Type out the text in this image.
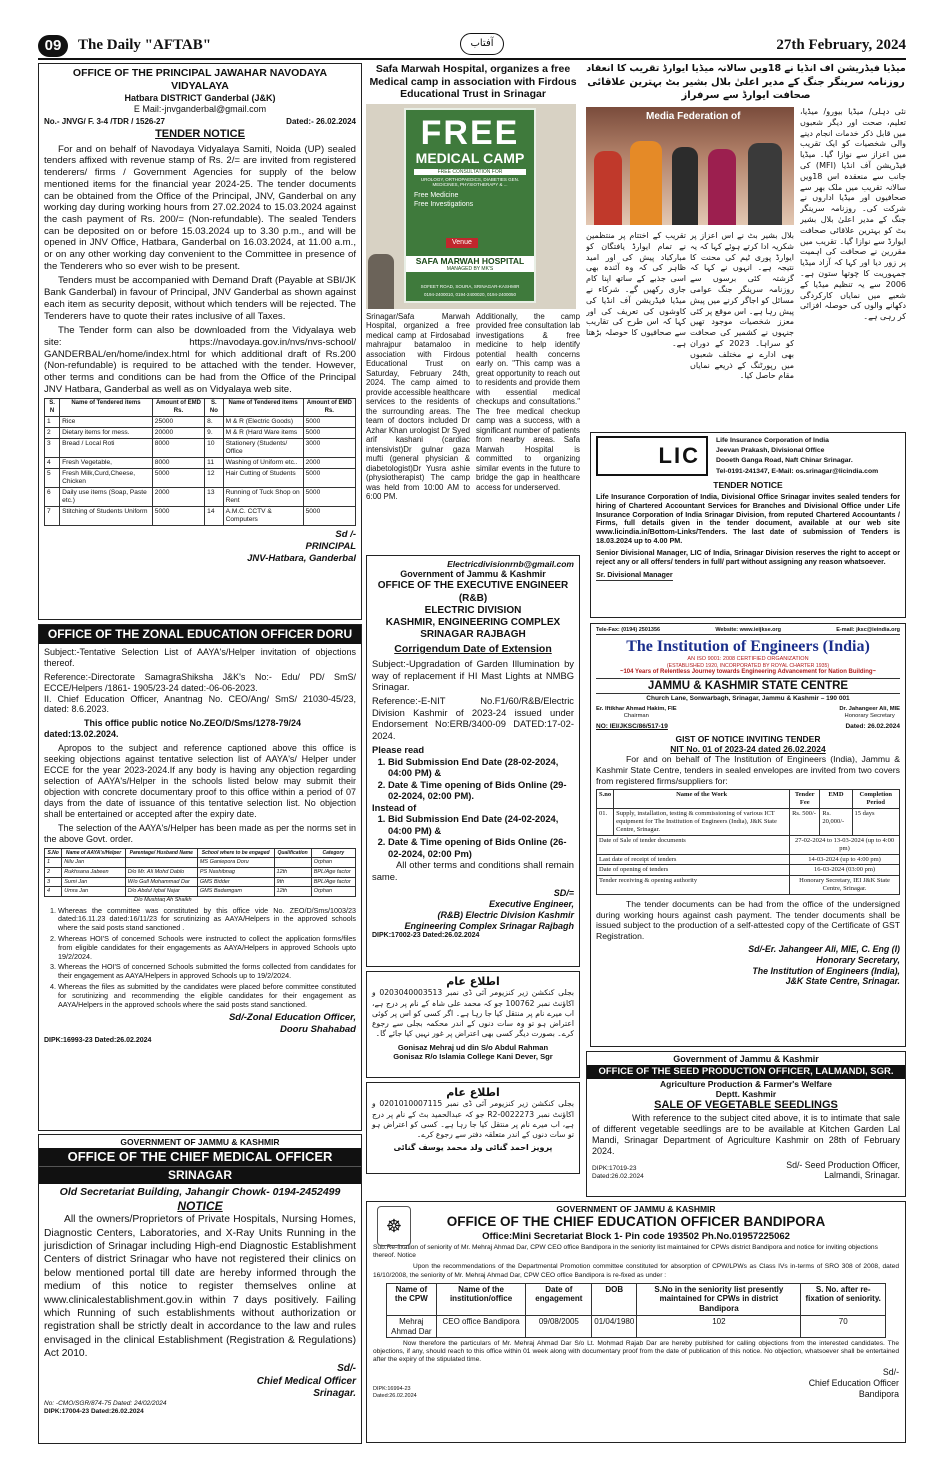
09	The Daily "AFTAB"	آفتاب	27th February, 2024
OFFICE OF THE PRINCIPAL JAWAHAR NAVODAYA VIDYALAYA
Hatbara DISTRICT Ganderbal (J&K)
E Mail:-jnvganderbal@gmail.com
No.- JNVG/ F. 3-4 /TDR / 1526-27	Dated:- 26.02.2024
TENDER NOTICE

For and on behalf of Navodaya Vidyalaya Samiti, Noida (UP) sealed tenders affixed with revenue stamp of Rs. 2/= are invited from registered tenderers/ firms / Government Agencies for supply of the below mentioned items for the financial year 2024-25. The tender documents can be obtained from the Office of the Principal, JNV, Ganderbal on any working day during working hours from 27.02.2024 to 15.03.2024 against the cash payment of Rs. 200/= (Non-refundable). The sealed Tenders can be deposited on or before 15.03.2024 up to 3.30 p.m., and will be opened in JNV Office, Hatbara, Ganderbal on 16.03.2024, at 11.00 a.m., or on any other working day convenient to the Committee in presence of the Tenderers who so ever wish to be present.

Tenders must be accompanied with Demand Draft (Payable at SBI/JK Bank Ganderbal) in favour of Principal, JNV Ganderbal as shown against each item as security deposit, without which tenders will be rejected. The Tenderers have to quote their rates inclusive of all Taxes.

The Tender form can also be downloaded from the Vidyalaya web site: https://navodaya.gov.in/nvs/nvs-school/ GANDERBAL/en/home/index.html for which additional draft of Rs.200 (Non-refundable) is required to be attached with the tender. However, other terms and conditions can be had from the Office of the Principal JNV Hatbara, Ganderbal as well as on Vidyalaya web site.

S. N	Name of Tendered items	Amount of EMD Rs.	S. No	Name of Tendered items	Amount of EMD Rs.
1	Rice	25000	8.	M & R (Electric Goods)	5000
2	Dietary items for mess.	20000	9.	M & R (Hard Ware items	5000
3	Bread / Local Roti	8000	10	Stationery (Students/ Office	3000
4	Fresh Vegetable,	8000	11	Washing of Uniform etc..	2000
5	Fresh Milk,Curd,Cheese, Chicken	5000	12	Hair Cutting of Students	5000
6	Daily use items (Soap, Paste etc.)	2000	13	Running of Tuck Shop on Rent	5000
7	Stitching of Students Uniform	5000	14	A.M.C. CCTV & Computers	5000
Sd /-
PRINCIPAL
JNV-Hatbara, Ganderbal
OFFICE OF THE ZONAL EDUCATION OFFICER DORU

Subject:-Tentative Selection List of AAYA's/Helper invitation of objections thereof.

Reference:-Directorate SamagraShiksha J&K's No:- Edu/ PD/ SmS/ ECCE/Helpers /1861- 1905/23-24 dated:-06-06-2023.

II. Chief Education Officer, Anantnag No. CEO/Ang/ SmS/ 21030-45/23, dated: 8.6.2023.

This office public notice No.ZEO/D/Sms/1278-79/24 dated:13.02.2024.

Apropos to the subject and reference captioned above this office is seeking objections against tentative selection list of AAYA's/ Helper under ECCE for the year 2023-2024.If any body is having any objection regarding selection of AAYA's/Helper in the schools listed below may submit their objection with concrete documentary proof to this office within a period of 07 days from the date of issuance of this tentative selection list. No objection shall be entertained or accepted after the expiry date.

The selection of the AAYA's/Helper has been made as per the norms set in the above Govt. order.

S.No	Name of AAYA's/Helper	Parentage/ Husband Name	School where to be engaged	Qualification	Category
1	Nilu Jan		MS Ganiepora Doru		Orphan
2	Rukhsana Jabeen	D/o Mr. Ali Mohd Dablo	PS Nashibnag	12th	BPL/Age factor
3	Sumi Jan	W/o Gull Mohammad Dar	GMS Bidder	9th	BPL/Age factor
4	Umra Jan	D/o Abdul Iqbal Najar	GMS Badamgam	12th	Orphan
D/o Mushtaq Ah Shaikh
1. Whereas the committee was constituted by this office vide No. ZEO/D/Sms/1003/23 dated:16.11.23 dated:16/11/23 for scrutinizing as AAYA/Helpers in the approved schools where the said posts stand sanctioned .
2. Whereas HOI'S of concerned Schools were instructed to collect the application forms/files from eligible candidates for their engagements as AAYA/Helpers in approved Schools upto 19/2/2024.
3. Whereas the HOI'S of concerned Schools submitted the forms collected from candidates for their engagement as AAYA/Helpers in approved Schools up to 19/2/2024.
4. Whereas the files as submitted by the candidates were placed before committee constituted for scrutinizing and recommending the eligible candidates for their engagement as AAYA/Helpers in the approved schools where the said posts stand sanctioned.
Sd/-Zonal Education Officer,
Dooru Shahabad
DIPK:16993-23 Dated:26.02.2024
GOVERNMENT OF JAMMU & KASHMIR
OFFICE OF THE CHIEF MEDICAL OFFICER
SRINAGAR
Old Secretariat Building, Jahangir Chowk- 0194-2452499
NOTICE

All the owners/Proprietors of Private Hospitals, Nursing Homes, Diagnostic Centers, Laboratories, and X-Ray Units Running in the jurisdiction of Srinagar including High-end Diagnostic Establishment Centers of district Srinagar who have not registered their clinics on below mentioned portal till date are hereby informed through the medium of this notice to register themselves online at www.clinicalestablishment.gov.in within 7 days positively. Failing which Running of such establishments without authorization or registration shall be strictly dealt in accordance to the law and rules envisaged in the clinical Establishment (Registration & Regulations) Act 2010.

Sd/-
Chief Medical Officer
Srinagar.
No: -CMO/SGR/874-75 Dated: 24/02/2024
DIPK:17004-23 Dated:26.02.2024
Safa Marwah Hospital, organizes a free Medical camp in association with Firdous Educational Trust in Srinagar
FREE
MEDICAL CAMP
FREE CONSULTATION FOR
UROLOGY, ORTHOPAEDICS, DIABETIES GEN. MEDICINES, PHYSIOTHERAPY & ...
Free Medicine
Free Investigations
Venue
SAFA MARWAH HOSPITAL
MANAGED BY MK'S
SOFEET ROAD, SOURA, SRINAGAR-KASHMIR
0194-2400010, 0194-2400020, 0194-2400050

Srinagar/Safa Marwah Hospital, organized a free medical camp at Firdosabad mahrajpur batamaloo in association with Firdous Educational Trust on Saturday, February 24th, 2024. The camp aimed to provide accessible healthcare services to the residents of the surrounding areas. The team of doctors included Dr Azhar Khan urologist Dr Syed arif kashani (cardiac intensivist)Dr gulnar gaza mufti (general physician & diabetologist)Dr Yusra ashie (physiotherapist) The camp was held from 10:00 AM to 6:00 PM.

Additionally, the camp provided free consultation lab investigations & free medicine to help identify potential health concerns early on. "This camp was a great opportunity to reach out to residents and provide them with essential medical checkups and consultations." The free medical checkup camp was a success, with a significant number of patients from nearby areas. Safa Marwah Hospital is committed to organizing similar events in the future to bridge the gap in healthcare access for underserved.

Electricdivisionrnb@gmail.com
Government of Jammu & Kashmir
OFFICE OF THE EXECUTIVE ENGINEER (R&B)
ELECTRIC DIVISION
KASHMIR, ENGINEERING COMPLEX
SRINAGAR RAJBAGH
Corrigendum Date of Extension

Subject:-Upgradation of Garden Illumination by way of replacement if HI Mast Lights at NMBG Srinagar.

Reference:-E-NIT No.F1/60/R&B/Electric Division Kashmir of 2023-24 issued under Endorsement No:ERB/3400-09 DATED:17-02-2024.

Please read
1. Bid Submission End Date (28-02-2024, 04:00 PM) &
2. Date & Time opening of Bids Online (29-02-2024, 02:00 PM).
Instead of
1. Bid Submission End Date (24-02-2024, 04:00 PM) &
2. Date & Time opening of Bids Online (26-02-2024, 02:00 Pm)

All other terms and conditions shall remain same.

SD/=
Executive Engineer,
(R&B) Electric Division Kashmir
Engineering Complex Srinagar Rajbagh
DIPK:17002-23 Dated:26.02.2024
اطلاع عام

بجلی کنکشن زیر کنزیومر آئی ڈی نمبر 0203040003513 و اکاؤنٹ نمبر 100762 جو کہ محمد علی شاہ کے نام پر درج ہے، اب میرے نام پر منتقل کیا جا رہا ہے۔ اگر کسی کو اس پر کوئی اعتراض ہو تو وہ سات دنوں کے اندر محکمہ بجلی سے رجوع کرے۔ بصورت دیگر کسی بھی اعتراض پر غور نہیں کیا جائے گا۔

Gonisaz Mehraj ud din S/o Abdul Rahman
Gonisaz R/o Islamia College Kani Dever, Sgr
اطلاع عام

بجلی کنکشن زیر کنزیومر آئی ڈی نمبر 0201010007115 و اکاؤنٹ نمبر 0022273-R2 جو کہ عبدالحمید بٹ کے نام پر درج ہے، اب میرے نام پر منتقل کیا جا رہا ہے۔ کسی کو اعتراض ہو تو سات دنوں کے اندر متعلقہ دفتر سے رجوع کرے۔

پرویز احمد گنائی ولد محمد یوسف گنائی
میڈیا فیڈریشن آف انڈیا نے 18ویں سالانہ میڈیا ایوارڈ تقریب کا انعقاد
روزنامہ سرینگر جنگ کے مدیر اعلیٰ بلال بشیر بٹ بہترین علاقائی صحافت ایوارڈ سے سرفراز
Media Federation of	نئی دہلی/ میڈیا بیورو/ میڈیا، تعلیم، صحت اور دیگر شعبوں میں قابل ذکر خدمات انجام دینے والی شخصیات کو ایک تقریب میں اعزاز سے نوازا گیا۔ میڈیا فیڈریشن آف انڈیا (MFI) کی جانب سے منعقدہ اس 18ویں سالانہ تقریب میں ملک بھر سے صحافیوں اور میڈیا اداروں نے شرکت کی۔ روزنامہ سرینگر جنگ کے مدیر اعلیٰ بلال بشیر بٹ کو بہترین علاقائی صحافت ایوارڈ سے نوازا گیا۔ تقریب میں مقررین نے صحافت کی اہمیت پر زور دیا اور کہا کہ آزاد میڈیا جمہوریت کا چوتھا ستون ہے۔ 2006 سے یہ تنظیم میڈیا کے شعبے میں نمایاں کارکردگی دکھانے والوں کی حوصلہ افزائی کر رہی ہے۔

بلال بشیر بٹ نے اس اعزاز پر شکریہ ادا کرتے ہوئے کہا کہ یہ ایوارڈ پوری ٹیم کی محنت کا نتیجہ ہے۔ انہوں نے کہا کہ گزشتہ کئی برسوں سے روزنامہ سرینگر جنگ عوامی مسائل کو اجاگر کرنے میں پیش پیش رہا ہے۔ اس موقع پر کئی معزز شخصیات موجود تھیں جنہوں نے کشمیر کی صحافت کو سراہا۔ 2023 کے دوران بھی ادارے نے مختلف شعبوں میں رپورٹنگ کے ذریعے نمایاں مقام حاصل کیا۔

تقریب کے اختتام پر منتظمین نے تمام ایوارڈ یافتگان کو مبارکباد پیش کی اور امید ظاہر کی کہ وہ آئندہ بھی اسی جذبے کے ساتھ اپنا کام جاری رکھیں گے۔ شرکاء نے میڈیا فیڈریشن آف انڈیا کی کاوشوں کی تعریف کی اور کہا کہ اس طرح کی تقاریب سے صحافیوں کا حوصلہ بڑھتا ہے۔

LIC
Life Insurance Corporation of India
Jeevan Prakash, Divisional Office
Dooeth Ganga Road, Naft Chinar Srinagar.
Tel-0191-241347, E-Mail: os.srinagar@licindia.com
TENDER NOTICE

Life Insurance Corporation of India, Divisional Office Srinagar invites sealed tenders for hiring of Chartered Accountant Services for Branches and Divisional Office under Life Insurance Corporation of India Srinagar Division, from reputed Chartered Accountants / Firms, full details given in the tender document, available at our web site www.licindia.in/Bottom-Links/Tenders. The last date of submission of Tenders is 18.03.2024 up to 4.00 PM.

Senior Divisional Manager, LIC of India, Srinagar Division reserves the right to accept or reject any or all offers/ tenders in full/ part without assigning any reason whatsoever.

Sr. Divisional Manager
Tele-Fax: (0194) 2501356	Website: www.ieijkse.org	E-mail: jksc@ieindia.org
The Institution of Engineers (India)
AN ISO 9001: 2008 CERTIFIED ORGANIZATION
(ESTABLISHED 1920, INCORPORATED BY ROYAL CHARTER 1935)
~104 Years of Relentless Journey towards Engineering Advancement for Nation Building~
JAMMU & KASHMIR STATE CENTRE
Church Lane, Sonwarbagh, Srinagar, Jammu & Kashmir – 190 001
Er. Iftikhar Ahmad Hakim, FIE
Chairman
Dr. Jahangeer Ali, MIE
Honorary Secretary
NO: IEI/JKSC/86/517-19	Dated: 26.02.2024
GIST OF NOTICE INVITING TENDER
NIT No. 01 of 2023-24 dated 26.02.2024

For and on behalf of The Institution of Engineers (India), Jammu & Kashmir State Centre, tenders in sealed envelopes are invited from two covers from registered firms/suppliers for:

S.no	Name of the Work	Tender Fee	EMD	Completion Period
01.	Supply, installation, testing & commissioning of various ICT equipment for The Institution of Engineers (India), J&K State Centre, Srinagar.	Rs. 500/-	Rs. 20,000/-	15 days
Date of Sale of tender documents		27-02-2024 to 13-03-2024 (up to 4:00 pm)		
Last date of receipt of tenders		14-03-2024 (up to 4:00 pm)		
Date of opening of tenders		16-03-2024 (03:00 pm)		
Tender receiving & opening authority		Honorary Secretary, IEI J&K State Centre, Srinagar.		

The tender documents can be had from the office of the undersigned during working hours against cash payment. The tender documents shall be issued subject to the production of a self-attested copy of the Certificate of GST Registration.

Sd/-Er. Jahangeer Ali, MIE, C. Eng (I)
Honorary Secretary,
The Institution of Engineers (India),
J&K State Centre, Srinagar.
Government of Jammu & Kashmir
OFFICE OF THE SEED PRODUCTION OFFICER, LALMANDI, SGR.
Agriculture Production & Farmer's Welfare
Deptt. Kashmir
SALE OF VEGETABLE SEEDLINGS

With reference to the subject cited above, it is to intimate that sale of different vegetable seedlings are to be available at Kitchen Garden Lal Mandi, Srinagar Department of Agriculture Kashmir on 28th of February 2024.

DIPK:17019-23 Dated:26.02.2024
Sd/- Seed Production Officer,
Lalmandi, Srinagar.
☸
GOVERNMENT OF JAMMU & KASHMIR
OFFICE OF THE CHIEF EDUCATION OFFICER BANDIPORA
Office:Mini Secretariat Block 1- Pin code 193502 Ph.No.01957225062

Sub:Re-fixation of seniority of Mr. Mehraj Ahmad Dar, CPW CEO office Bandipora in the seniority list maintained for CPWs district Bandipora and notice for inviting objections thereof. Notice

Upon the recommendations of the Departmental Promotion committee constituted for absorption of CPW/LPWs as Class IVs in-terms of SRO 308 of 2008, dated 16/10/2008, the seniority of Mr. Mehraj Ahmad Dar, CPW CEO office Bandipora is re-fixed as under :

Name of the CPW	Name of the institution/office	Date of engagement	DOB	S.No in the seniority list presently maintained for CPWs in district Bandipora	S. No. after re-fixation of seniority.
Mehraj Ahmad Dar	CEO office Bandipora	09/08/2005	01/04/1980	102	70

Now therefore the particulars of Mr. Mehraj Ahmad Dar S/o Lt. Mohmad Rajab Dar are hereby published for calling objections from the interested candidates. The objections, if any, should reach to this office within 01 week along with documentary proof from the date of publication of this notice. No objection, whatsoever shall be entertained after the expiry of the stipulated time.

DIPK:16994-23 Dated:26.02.2024
Sd/-
Chief Education Officer
Bandipora
